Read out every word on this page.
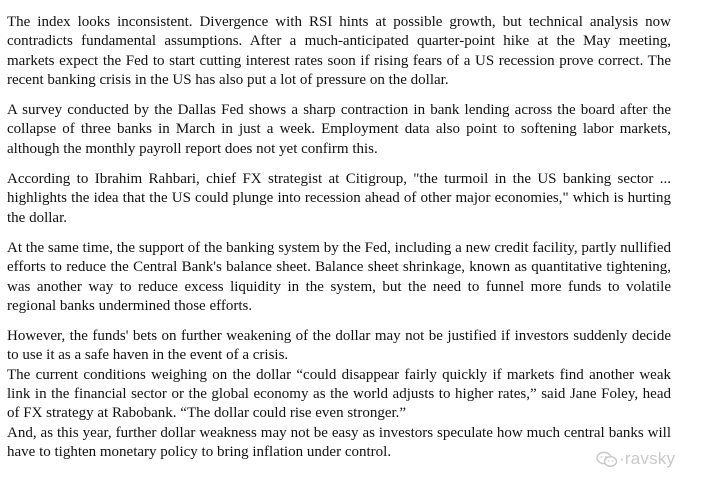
The index looks inconsistent. Divergence with RSI hints at possible growth, but technical analysis now contradicts fundamental assumptions. After a much-anticipated quarter-point hike at the May meeting, markets expect the Fed to start cutting interest rates soon if rising fears of a US recession prove correct. The recent banking crisis in the US has also put a lot of pressure on the dollar.

A survey conducted by the Dallas Fed shows a sharp contraction in bank lending across the board after the collapse of three banks in March in just a week. Employment data also point to softening labor markets, although the monthly payroll report does not yet confirm this.

According to Ibrahim Rahbari, chief FX strategist at Citigroup, "the turmoil in the US banking sector ... highlights the idea that the US could plunge into recession ahead of other major economies," which is hurting the dollar.

At the same time, the support of the banking system by the Fed, including a new credit facility, partly nullified efforts to reduce the Central Bank's balance sheet. Balance sheet shrinkage, known as quantitative tightening, was another way to reduce excess liquidity in the system, but the need to funnel more funds to volatile regional banks undermined those efforts.

However, the funds' bets on further weakening of the dollar may not be justified if investors suddenly decide to use it as a safe haven in the event of a crisis.

The current conditions weighing on the dollar “could disappear fairly quickly if markets find another weak link in the financial sector or the global economy as the world adjusts to higher rates,” said Jane Foley, head of FX strategy at Rabobank. “The dollar could rise even stronger.”

And, as this year, further dollar weakness may not be easy as investors speculate how much central banks will have to tighten monetary policy to bring inflation under control.	·ravsky
